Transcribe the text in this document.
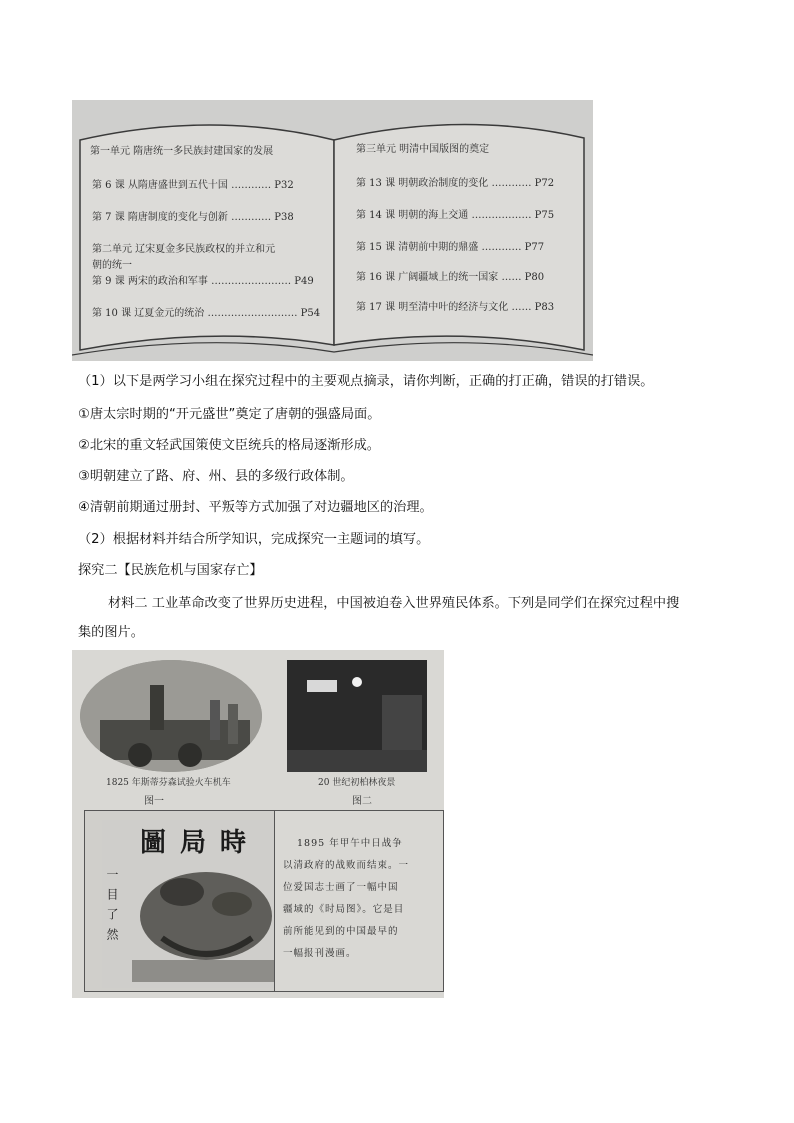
第一单元 隋唐统一多民族封建国家的发展
第 6 课 从隋唐盛世到五代十国 ………… P32
第 7 课 隋唐制度的变化与创新 ………… P38
第二单元 辽宋夏金多民族政权的并立和元
朝的统一
第 9 课 两宋的政治和军事 …………………… P49
第 10 课 辽夏金元的统治 ……………………… P54
第三单元 明清中国版图的奠定
第 13 课 明朝政治制度的变化 ………… P72
第 14 课 明朝的海上交通 ……………… P75
第 15 课 清朝前中期的鼎盛 ………… P77
第 16 课 广阔疆域上的统一国家 …… P80
第 17 课 明至清中叶的经济与文化 …… P83
（1）以下是两学习小组在探究过程中的主要观点摘录，请你判断，正确的打正确，错误的打错误。
①唐太宗时期的“开元盛世”奠定了唐朝的强盛局面。
②北宋的重文轻武国策使文臣统兵的格局逐渐形成。
③明朝建立了路、府、州、县的多级行政体制。
④清朝前期通过册封、平叛等方式加强了对边疆地区的治理。
（2）根据材料并结合所学知识，完成探究一主题词的填写。
探究二【民族危机与国家存亡】
材料二 工业革命改变了世界历史进程，中国被迫卷入世界殖民体系。下列是同学们在探究过程中搜
集的图片。
1825 年斯蒂芬森试验火车机车
图一
20 世纪初柏林夜景
图二
圖局時
一目了然
1895 年甲午中日战争
以清政府的战败而结束。一
位爱国志士画了一幅中国
疆域的《时局图》。它是目
前所能见到的中国最早的
一幅报刊漫画。
